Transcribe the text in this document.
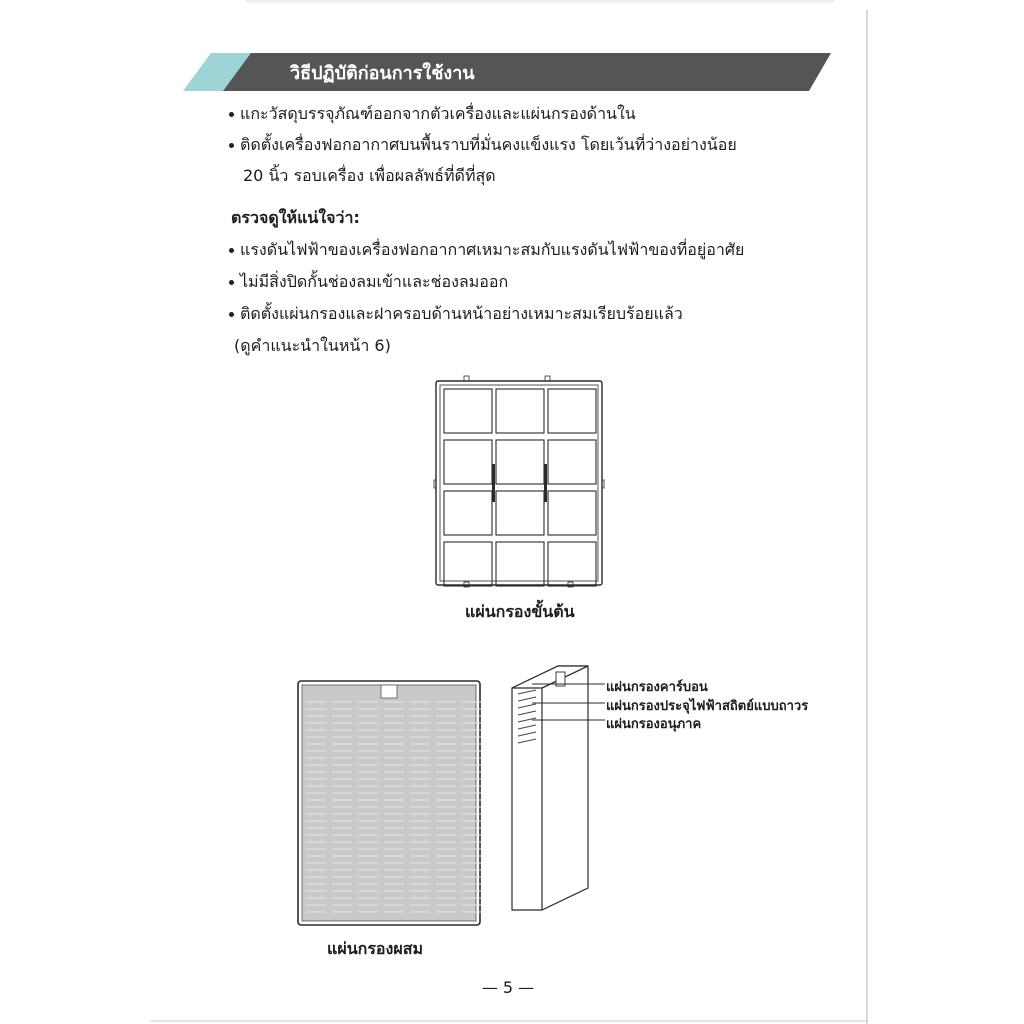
วิธีปฏิบัติก่อนการใช้งาน
แกะวัสดุบรรจุภัณฑ์ออกจากตัวเครื่องและแผ่นกรองด้านใน
ติดตั้งเครื่องฟอกอากาศบนพื้นราบที่มั่นคงแข็งแรง โดยเว้นที่ว่างอย่างน้อย
20 นิ้ว รอบเครื่อง เพื่อผลลัพธ์ที่ดีที่สุด
ตรวจดูให้แน่ใจว่า:
แรงดันไฟฟ้าของเครื่องฟอกอากาศเหมาะสมกับแรงดันไฟฟ้าของที่อยู่อาศัย
ไม่มีสิ่งปิดกั้นช่องลมเข้าและช่องลมออก
ติดตั้งแผ่นกรองและฝาครอบด้านหน้าอย่างเหมาะสมเรียบร้อยแล้ว
(ดูคำแนะนำในหน้า 6)
แผ่นกรองขั้นต้น
แผ่นกรองผสม
แผ่นกรองคาร์บอน
แผ่นกรองประจุไฟฟ้าสถิตย์แบบถาวร
แผ่นกรองอนุภาค
— 5 —
